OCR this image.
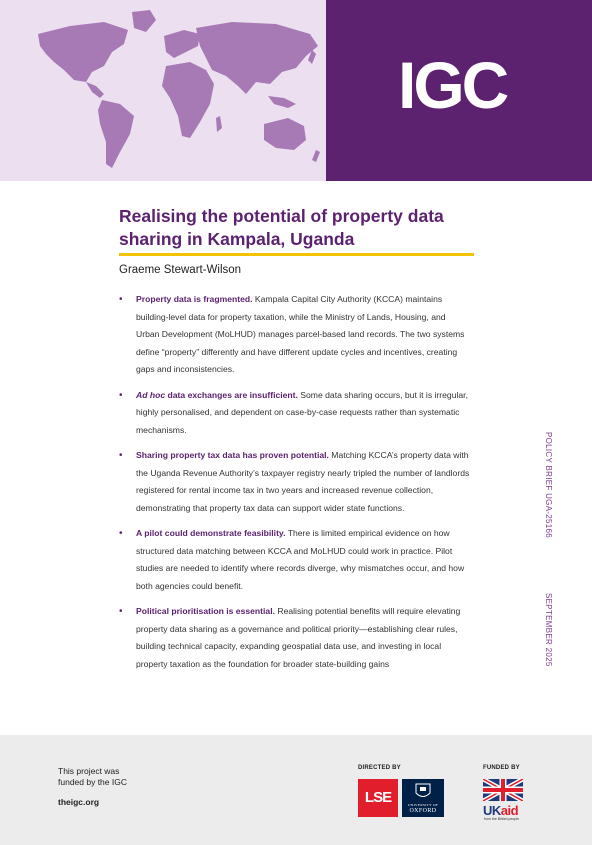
IGC
Realising the potential of property data sharing in Kampala, Uganda
Graeme Stewart-Wilson
• Property data is fragmented. Kampala Capital City Authority (KCCA) maintains building-level data for property taxation, while the Ministry of Lands, Housing, and Urban Development (MoLHUD) manages parcel-based land records. The two systems define “property” differently and have different update cycles and incentives, creating gaps and inconsistencies.
• Ad hoc data exchanges are insufficient. Some data sharing occurs, but it is irregular, highly personalised, and dependent on case-by-case requests rather than systematic mechanisms.
• Sharing property tax data has proven potential. Matching KCCA’s property data with the Uganda Revenue Authority’s taxpayer registry nearly tripled the number of landlords registered for rental income tax in two years and increased revenue collection, demonstrating that property tax data can support wider state functions.
• A pilot could demonstrate feasibility. There is limited empirical evidence on how structured data matching between KCCA and MoLHUD could work in practice. Pilot studies are needed to identify where records diverge, why mismatches occur, and how both agencies could benefit.
• Political prioritisation is essential. Realising potential benefits will require elevating property data sharing as a governance and political priority—establishing clear rules, building technical capacity, expanding geospatial data use, and investing in local property taxation as the foundation for broader state-building gains
POLICY BRIEF UGA-25166
SEPTEMBER 2025
This project was funded by the IGC
theigc.org
DIRECTED BY
LSE	UNIVERSITY OF
OXFORD
FUNDED BY
UKaid
from the British people
